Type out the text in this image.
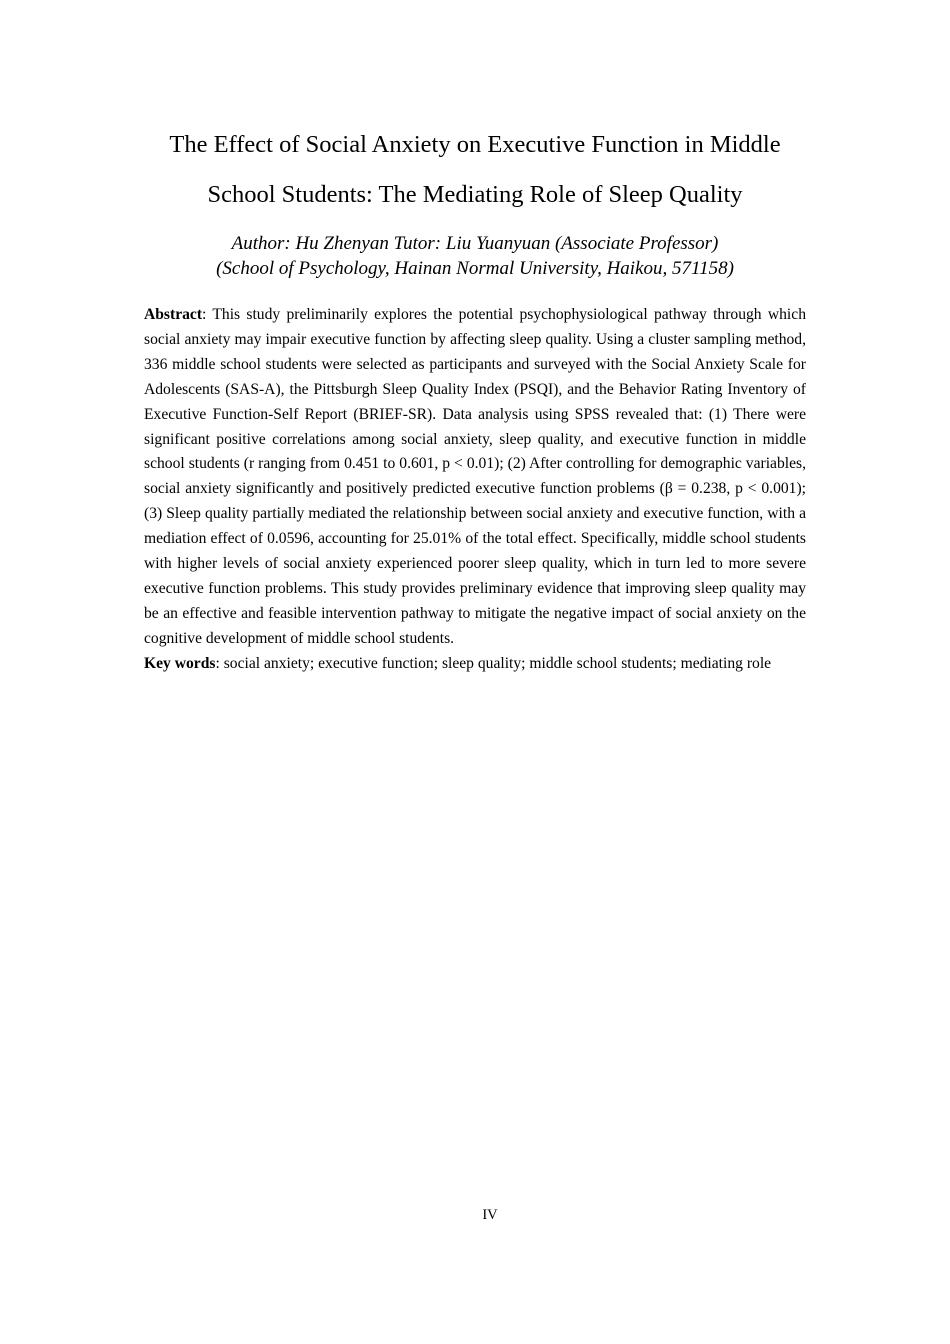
The Effect of Social Anxiety on Executive Function in Middle
School Students: The Mediating Role of Sleep Quality
Author: Hu Zhenyan Tutor: Liu Yuanyuan (Associate Professor)
(School of Psychology, Hainan Normal University, Haikou, 571158)

Abstract: This study preliminarily explores the potential psychophysiological pathway through which social anxiety may impair executive function by affecting sleep quality. Using a cluster sampling method, 336 middle school students were selected as participants and surveyed with the Social Anxiety Scale for Adolescents (SAS-A), the Pittsburgh Sleep Quality Index (PSQI), and the Behavior Rating Inventory of Executive Function-Self Report (BRIEF-SR). Data analysis using SPSS revealed that: (1) There were significant positive correlations among social anxiety, sleep quality, and executive function in middle school students (r ranging from 0.451 to 0.601, p < 0.01); (2) After controlling for demographic variables, social anxiety significantly and positively predicted executive function problems (β = 0.238, p < 0.001); (3) Sleep quality partially mediated the relationship between social anxiety and executive function, with a mediation effect of 0.0596, accounting for 25.01% of the total effect. Specifically, middle school students with higher levels of social anxiety experienced poorer sleep quality, which in turn led to more severe executive function problems. This study provides preliminary evidence that improving sleep quality may be an effective and feasible intervention pathway to mitigate the negative impact of social anxiety on the cognitive development of middle school students.

Key words: social anxiety; executive function; sleep quality; middle school students; mediating role

IV
